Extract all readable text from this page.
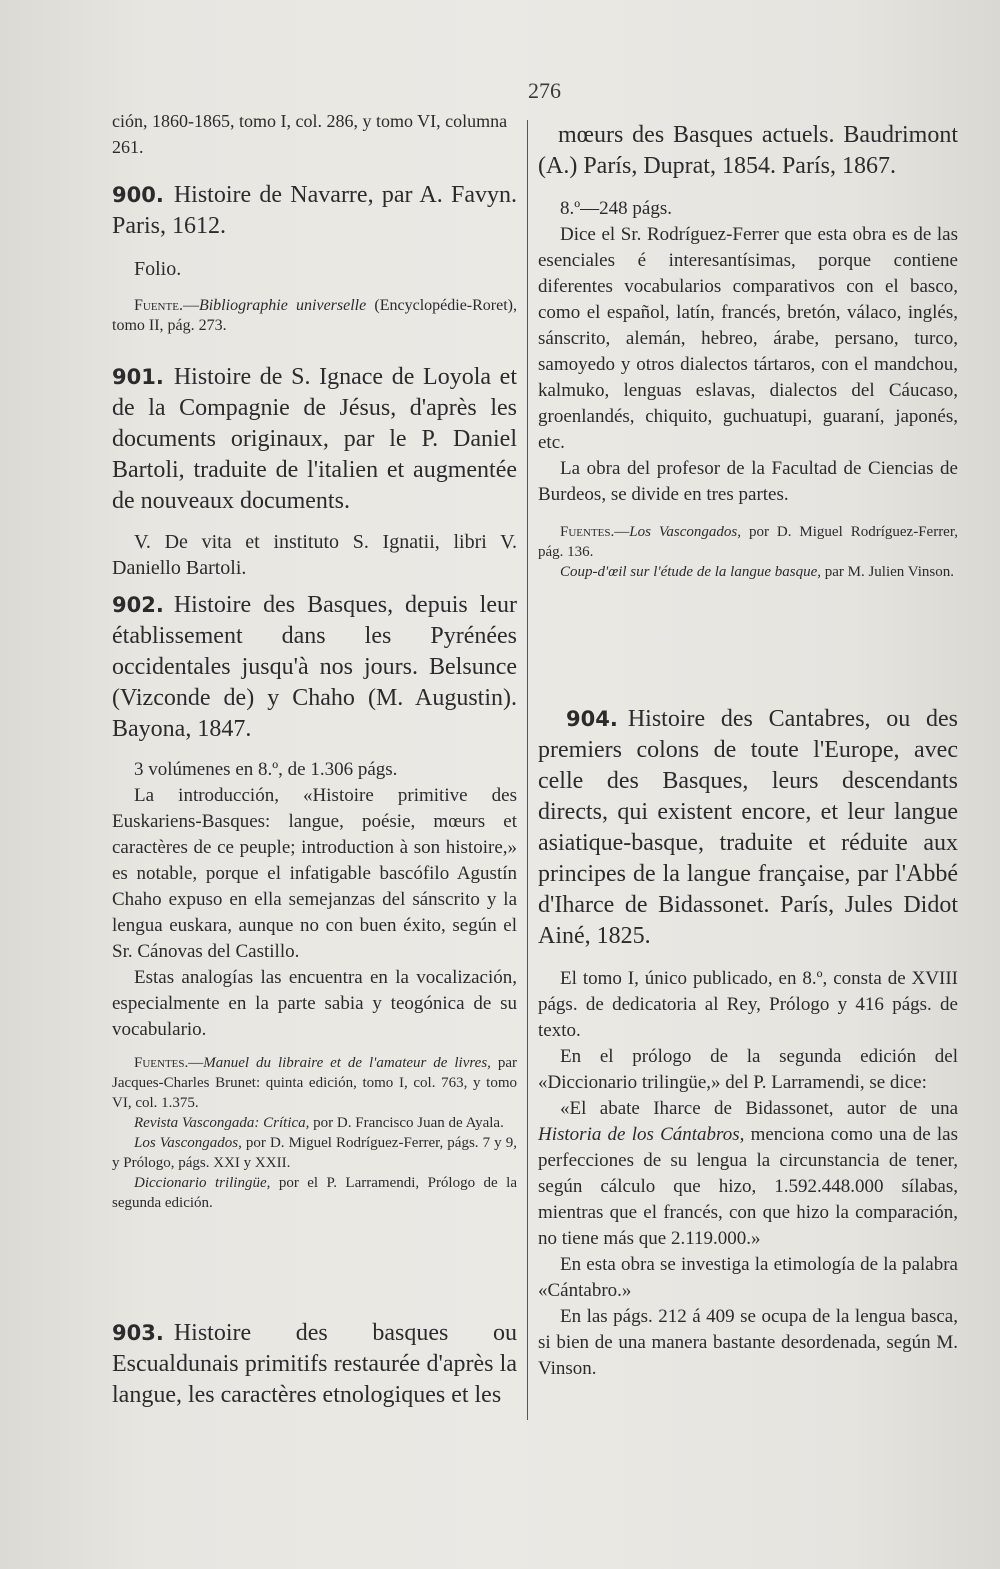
276

ción, 1860-1865, tomo I, col. 286, y tomo VI, columna 261.

900. Histoire de Navarre, par A. Favyn. Paris, 1612.

Folio.

Fuente.—Bibliographie universelle (Encyclopédie-Roret), tomo II, pág. 273.

901. Histoire de S. Ignace de Loyola et de la Compagnie de Jésus, d'après les documents originaux, par le P. Daniel Bartoli, traduite de l'italien et augmentée de nouveaux documents.

V. De vita et instituto S. Ignatii, libri V. Daniello Bartoli.

902. Histoire des Basques, depuis leur établissement dans les Pyrénées occidentales jusqu'à nos jours. Belsunce (Vizconde de) y Chaho (M. Augustin). Bayona, 1847.

3 volúmenes en 8.º, de 1.306 págs.

La introducción, «Histoire primitive des Euskariens-Basques: langue, poésie, mœurs et caractères de ce peuple; introduction à son histoire,» es notable, porque el infatigable bascófilo Agustín Chaho expuso en ella semejanzas del sánscrito y la lengua euskara, aunque no con buen éxito, según el Sr. Cánovas del Castillo.

Estas analogías las encuentra en la vocalización, especialmente en la parte sabia y teogónica de su vocabulario.

Fuentes.—Manuel du libraire et de l'amateur de livres, par Jacques-Charles Brunet: quinta edición, tomo I, col. 763, y tomo VI, col. 1.375.

Revista Vascongada: Crítica, por D. Francisco Juan de Ayala.

Los Vascongados, por D. Miguel Rodríguez-Ferrer, págs. 7 y 9, y Prólogo, págs. XXI y XXII.

Diccionario trilingüe, por el P. Larramendi, Prólogo de la segunda edición.

903. Histoire des basques ou Escualdunais primitifs restaurée d'après la langue, les caractères etnologiques et les

mœurs des Basques actuels. Baudrimont (A.) París, Duprat, 1854. París, 1867.

8.º—248 págs.

Dice el Sr. Rodríguez-Ferrer que esta obra es de las esenciales é interesantísimas, porque contiene diferentes vocabularios comparativos con el basco, como el español, latín, francés, bretón, válaco, inglés, sánscrito, alemán, hebreo, árabe, persano, turco, samoyedo y otros dialectos tártaros, con el mandchou, kalmuko, lenguas eslavas, dialectos del Cáucaso, groenlandés, chiquito, guchuatupi, guaraní, japonés, etc.

La obra del profesor de la Facultad de Ciencias de Burdeos, se divide en tres partes.

Fuentes.—Los Vascongados, por D. Miguel Rodríguez-Ferrer, pág. 136.

Coup-d'œil sur l'étude de la langue basque, par M. Julien Vinson.

904. Histoire des Cantabres, ou des premiers colons de toute l'Europe, avec celle des Basques, leurs descendants directs, qui existent encore, et leur langue asiatique-basque, traduite et réduite aux principes de la langue française, par l'Abbé d'Iharce de Bidassonet. París, Jules Didot Ainé, 1825.

El tomo I, único publicado, en 8.º, consta de XVIII págs. de dedicatoria al Rey, Prólogo y 416 págs. de texto.

En el prólogo de la segunda edición del «Diccionario trilingüe,» del P. Larramendi, se dice:

«El abate Iharce de Bidassonet, autor de una Historia de los Cántabros, menciona como una de las perfecciones de su lengua la circunstancia de tener, según cálculo que hizo, 1.592.448.000 sílabas, mientras que el francés, con que hizo la comparación, no tiene más que 2.119.000.»

En esta obra se investiga la etimología de la palabra «Cántabro.»

En las págs. 212 á 409 se ocupa de la lengua basca, si bien de una manera bastante desordenada, según M. Vinson.
